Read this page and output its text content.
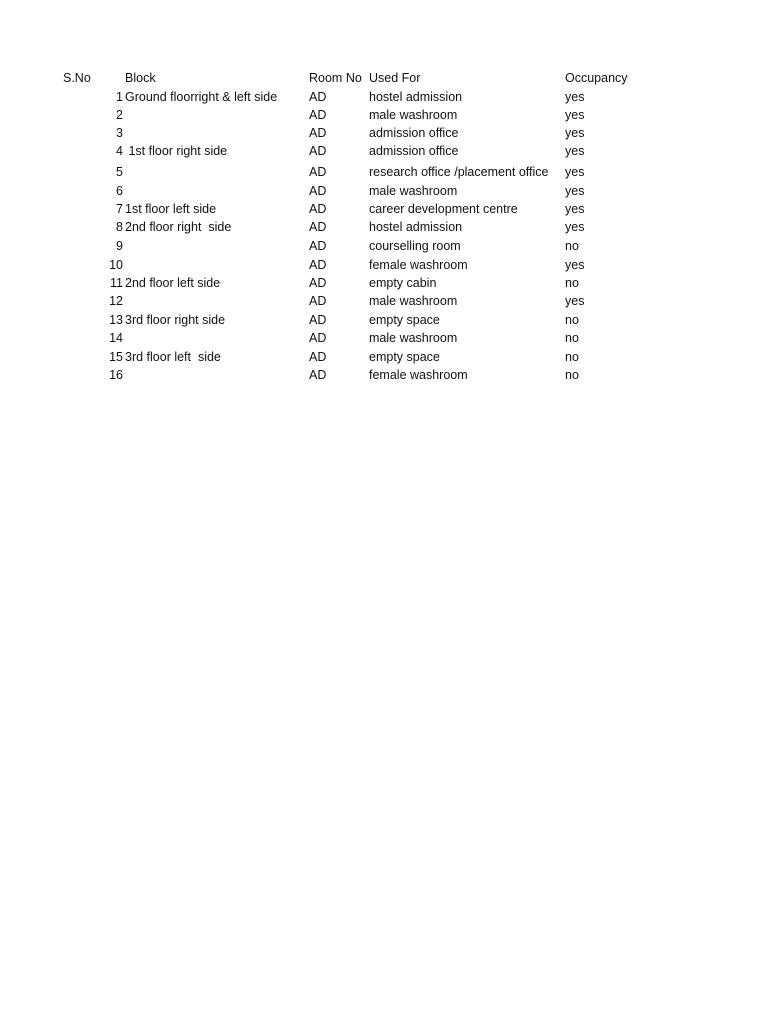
S.No	Block	Room No Used For	Occupancy
1 Ground floorright & left side	AD	hostel admission	yes
2	AD	male washroom	yes
3	AD	admission office	yes
4 1st floor right side	AD	admission office	yes
5	AD	research office /placement office yes
6	AD	male washroom	yes
7 1st floor left side	AD	career development centre	yes
8 2nd floor right  side	AD	hostel admission	yes
9	AD	courselling room	no
10	AD	female washroom	yes
11 2nd floor left side	AD	empty cabin	no
12	AD	male washroom	yes
13 3rd floor right side	AD	empty space	no
14	AD	male washroom	no
15 3rd floor left  side	AD	empty space	no
16	AD	female washroom	no
